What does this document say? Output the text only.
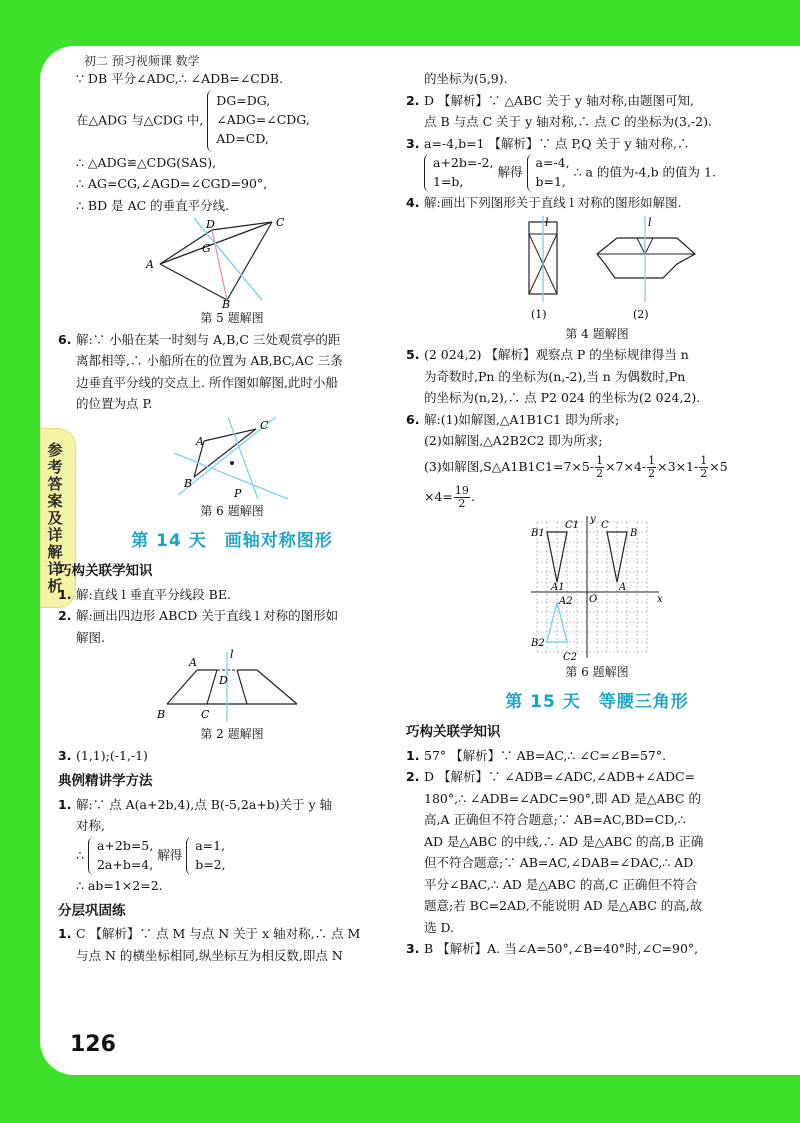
初二 预习视频课 数学
参考答案及详解详析
∵ DB 平分∠ADC,∴ ∠ADB=∠CDB.
在△ADG 与△CDG 中,
DG=DG,
∠ADG=∠CDG,
AD=CD,
∴ △ADG≌△CDG(SAS),
∴ AG=CG,∠AGD=∠CGD=90°,
∴ BD 是 AC 的垂直平分线.
A
B
C
D
G
第 5 题解图
6. 解:∵ 小船在某一时刻与 A,B,C 三处观赏亭的距
离都相等,∴ 小船所在的位置为 AB,BC,AC 三条
边垂直平分线的交点上. 所作图如解图,此时小船
的位置为点 P.
A
B
C
P
第 6 题解图
第 14 天　画轴对称图形
巧构关联学知识
1. 解:直线 l 垂直平分线段 BE.
2. 解:画出四边形 ABCD 关于直线 l 对称的图形如
解图.
A
B	C
D
l
第 2 题解图
3. (1,1);(-1,-1)
典例精讲学方法
1. 解:∵ 点 A(a+2b,4),点 B(-5,2a+b)关于 y 轴
对称,
∴
a+2b=5,
2a+b=4,
解得
a=1,
b=2,
∴ ab=1×2=2.
分层巩固练
1. C 【解析】∵ 点 M 与点 N 关于 x 轴对称,∴ 点 M
与点 N 的横坐标相同,纵坐标互为相反数,即点 N
的坐标为(5,9).
2. D 【解析】∵ △ABC 关于 y 轴对称,由题图可知,
点 B 与点 C 关于 y 轴对称,∴ 点 C 的坐标为(3,-2).
3. a=-4,b=1 【解析】∵ 点 P,Q 关于 y 轴对称,∴
a+2b=-2,
1=b,
解得
a=-4,
b=1,
∴ a 的值为-4,b 的值为 1.
4. 解:画出下列图形关于直线 l 对称的图形如解图.
l	l
(1)	(2)
第 4 题解图
5. (2 024,2) 【解析】观察点 P 的坐标规律得当 n
为奇数时,Pn 的坐标为(n,-2),当 n 为偶数时,Pn
的坐标为(n,2),∴ 点 P2 024 的坐标为(2 024,2).
6. 解:(1)如解图,△A1B1C1 即为所求;
(2)如解图,△A2B2C2 即为所求;
(3)如解图,S△A1B1C1=7×5- $\frac{1}{2} \times 7\times 4- \frac{1}{2} \times 3\times 1- \frac{1}{2} \times 5$
$\times 4= \frac{19}{2}$ .
B1
C1 C
y
A1
O	x
B
A
B2
A2
C2
第 6 题解图
第 15 天　等腰三角形
巧构关联学知识
1. 57° 【解析】∵ AB=AC,∴ ∠C=∠B=57°.
2. D 【解析】∵ ∠ADB=∠ADC,∠ADB+∠ADC=
180°,∴ ∠ADB=∠ADC=90°,即 AD 是△ABC 的
高,A 正确但不符合题意;∵ AB=AC,BD=CD,∴
AD 是△ABC 的中线,∴ AD 是△ABC 的高,B 正确
但不符合题意;∵ AB=AC,∠DAB=∠DAC,∴ AD
平分∠BAC,∴ AD 是△ABC 的高,C 正确但不符合
题意;若 BC=2AD,不能说明 AD 是△ABC 的高,故
选 D.
3. B 【解析】A. 当∠A=50°,∠B=40°时,∠C=90°,
126
